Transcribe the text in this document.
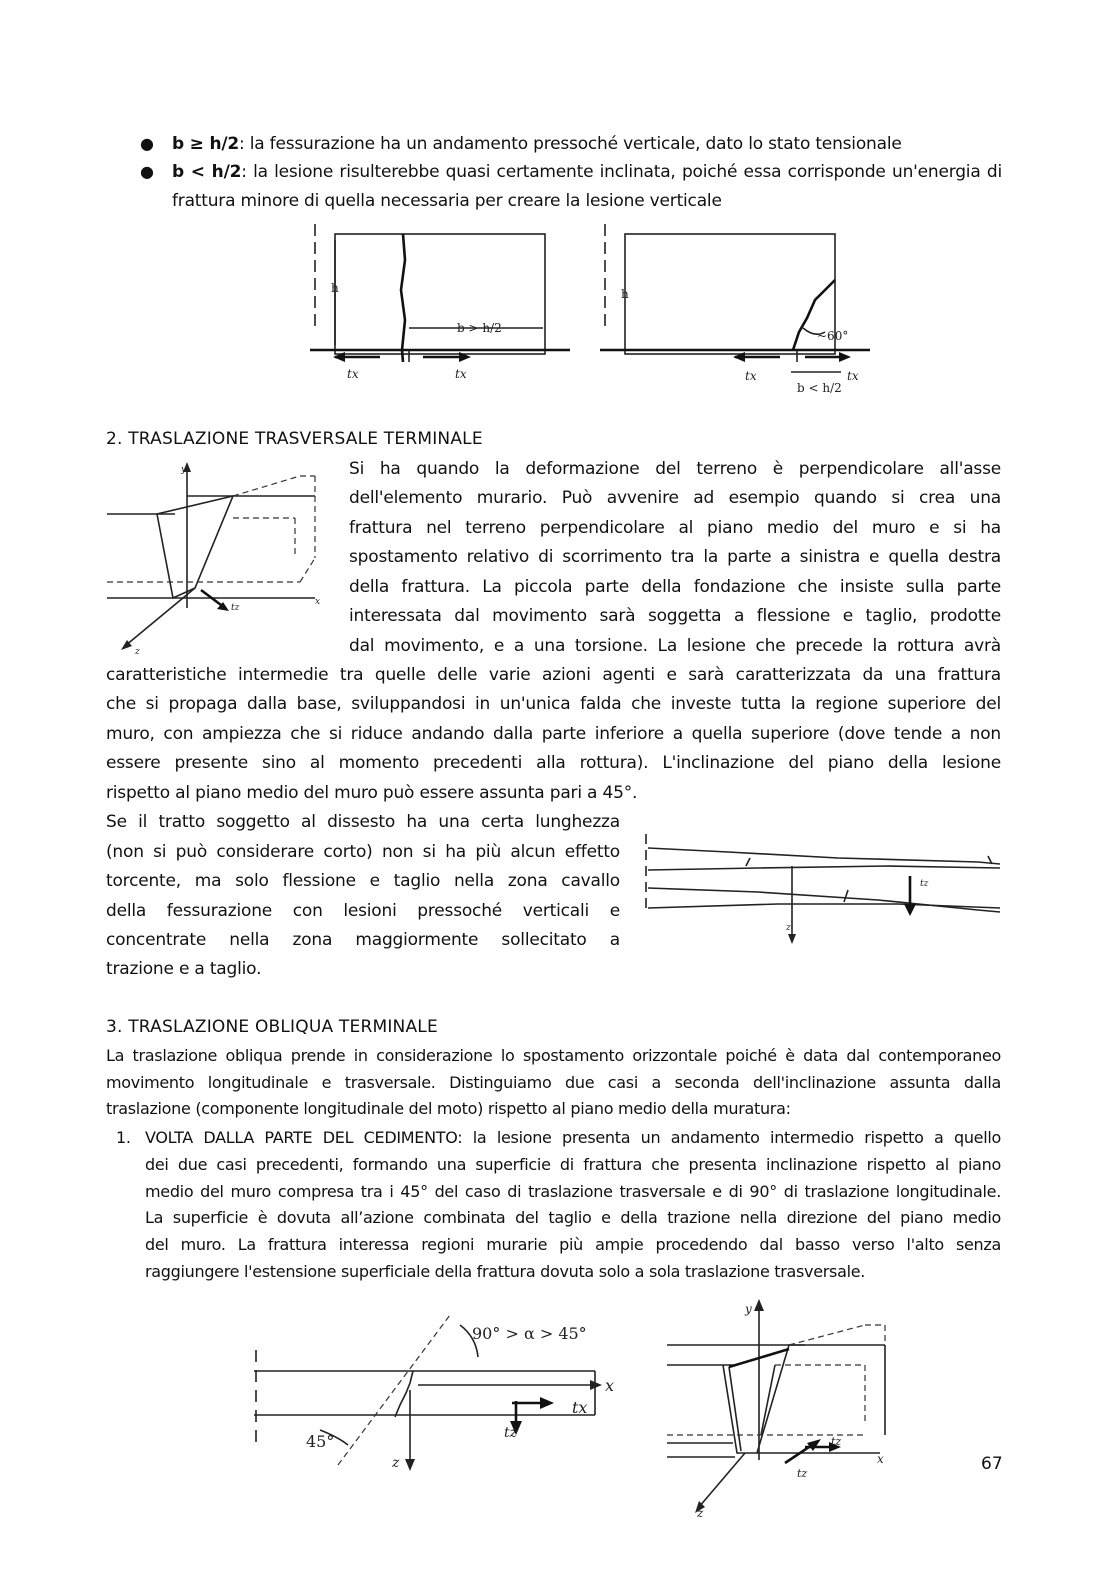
● b ≥ h/2: la fessurazione ha un andamento pressoché verticale, dato lo stato tensionale
● b < h/2: la lesione risulterebbe quasi certamente inclinata, poiché essa corrisponde un'energia di
frattura minore di quella necessaria per creare la lesione verticale
h
b > h/2
tx	tx
h
~60°
tx	tx
b < h/2
2. TRASLAZIONE TRASVERSALE TERMINALE
y
x
z
tz
Si ha quando la deformazione del terreno è perpendicolare all'asse
dell'elemento murario. Può avvenire ad esempio quando si crea una
frattura nel terreno perpendicolare al piano medio del muro e si ha
spostamento relativo di scorrimento tra la parte a sinistra e quella destra
della frattura. La piccola parte della fondazione che insiste sulla parte
interessata dal movimento sarà soggetta a flessione e taglio, prodotte
dal movimento, e a una torsione. La lesione che precede la rottura avrà
caratteristiche intermedie tra quelle delle varie azioni agenti e sarà caratterizzata da una frattura
che si propaga dalla base, sviluppandosi in un'unica falda che investe tutta la regione superiore del
muro, con ampiezza che si riduce andando dalla parte inferiore a quella superiore (dove tende a non
essere presente sino al momento precedenti alla rottura). L'inclinazione del piano della lesione
rispetto al piano medio del muro può essere assunta pari a 45°.
Se il tratto soggetto al dissesto ha una certa lunghezza
(non si può considerare corto) non si ha più alcun effetto
torcente, ma solo flessione e taglio nella zona cavallo
della fessurazione con lesioni pressoché verticali e
concentrate nella zona maggiormente sollecitato a
trazione e a taglio.
z
tz
3. TRASLAZIONE OBLIQUA TERMINALE
La traslazione obliqua prende in considerazione lo spostamento orizzontale poiché è data dal contemporaneo
movimento longitudinale e trasversale. Distinguiamo due casi a seconda dell'inclinazione assunta dalla
traslazione (componente longitudinale del moto) rispetto al piano medio della muratura:
1. VOLTA DALLA PARTE DEL CEDIMENTO: la lesione presenta un andamento intermedio rispetto a quello
dei due casi precedenti, formando una superficie di frattura che presenta inclinazione rispetto al piano
medio del muro compresa tra i 45° del caso di traslazione trasversale e di 90° di traslazione longitudinale.
La superficie è dovuta all’azione combinata del taglio e della trazione nella direzione del piano medio
del muro. La frattura interessa regioni murarie più ampie procedendo dal basso verso l'alto senza
raggiungere l'estensione superficiale della frattura dovuta solo a sola traslazione trasversale.
90° > α > 45°
45°
x
tx
tz
z
y
x
z
tz
tz
67
